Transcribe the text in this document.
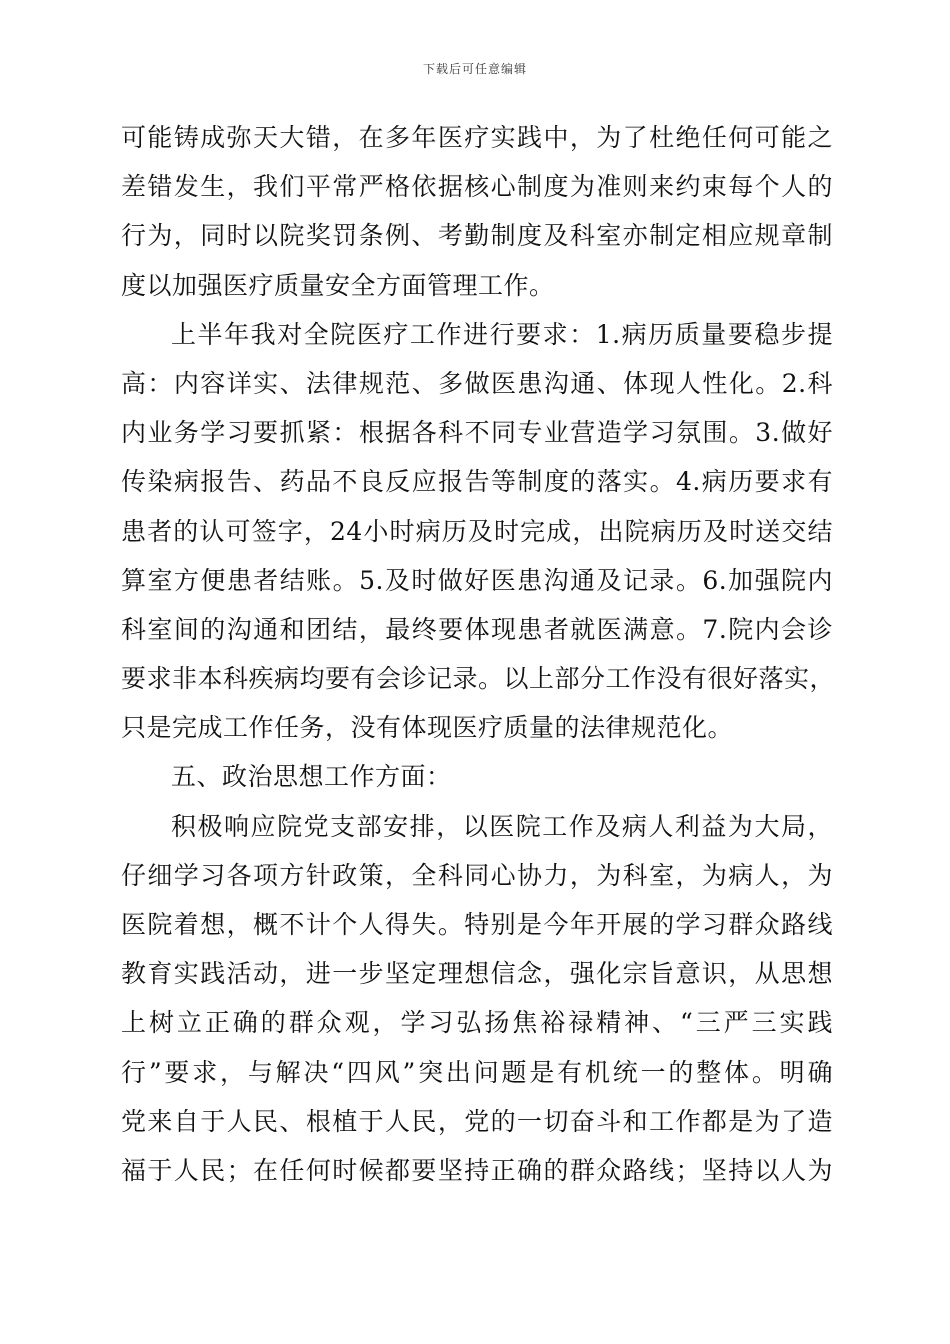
下载后可任意编辑
可能铸成弥天大错，在多年医疗实践中，为了杜绝任何可能之
差错发生，我们平常严格依据核心制度为准则来约束每个人的
行为，同时以院奖罚条例、考勤制度及科室亦制定相应规章制
度以加强医疗质量安全方面管理工作。
上半年我对全院医疗工作进行要求：1.病历质量要稳步提
高：内容详实、法律规范、多做医患沟通、体现人性化。2.科
内业务学习要抓紧：根据各科不同专业营造学习氛围。3.做好
传染病报告、药品不良反应报告等制度的落实。4.病历要求有
患者的认可签字，24小时病历及时完成，出院病历及时送交结
算室方便患者结账。5.及时做好医患沟通及记录。6.加强院内
科室间的沟通和团结，最终要体现患者就医满意。7.院内会诊
要求非本科疾病均要有会诊记录。以上部分工作没有很好落实，
只是完成工作任务，没有体现医疗质量的法律规范化。
五、政治思想工作方面：
积极响应院党支部安排，以医院工作及病人利益为大局，
仔细学习各项方针政策，全科同心协力，为科室，为病人，为
医院着想，概不计个人得失。特别是今年开展的学习群众路线
教育实践活动，进一步坚定理想信念，强化宗旨意识，从思想
上树立正确的群众观，学习弘扬焦裕禄精神、“三严三实践
行”要求，与解决“四风”突出问题是有机统一的整体。明确
党来自于人民、根植于人民，党的一切奋斗和工作都是为了造
福于人民；在任何时候都要坚持正确的群众路线；坚持以人为
